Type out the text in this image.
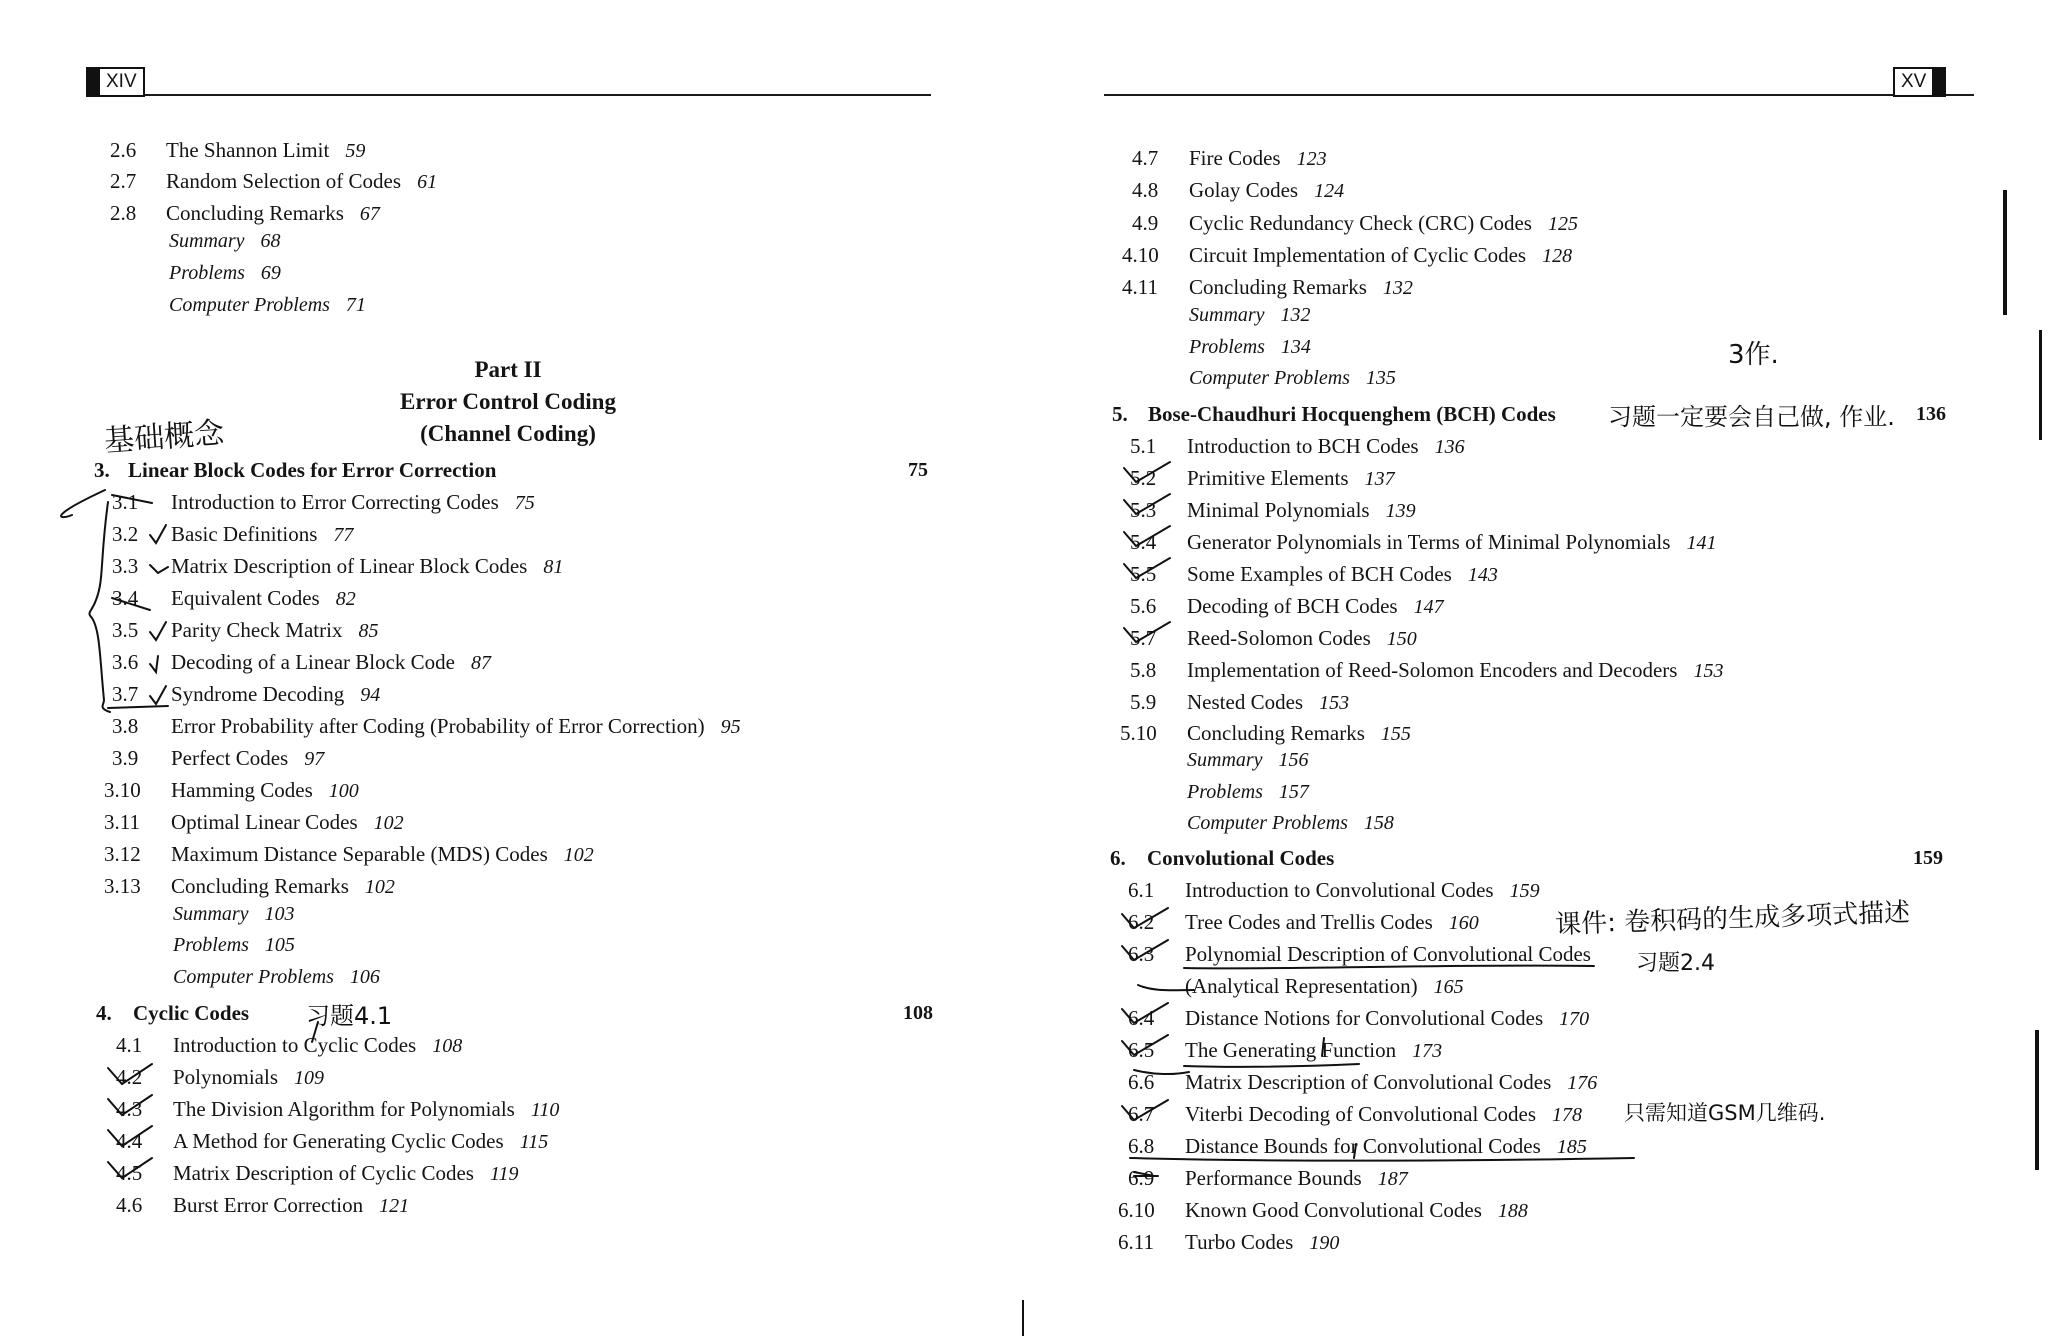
XIV
2.6 The Shannon Limit 59
2.7 Random Selection of Codes 61
2.8 Concluding Remarks 67
Summary 68
Problems 69
Computer Problems 71
Part II
Error Control Coding
(Channel Coding)
3. Linear Block Codes for Error Correction	75
3.1 Introduction to Error Correcting Codes 75
3.2 Basic Definitions 77
3.3 Matrix Description of Linear Block Codes 81
3.4 Equivalent Codes 82
3.5 Parity Check Matrix 85
3.6 Decoding of a Linear Block Code 87
3.7 Syndrome Decoding 94
3.8 Error Probability after Coding (Probability of Error Correction) 95
3.9 Perfect Codes 97
3.10 Hamming Codes 100
3.11 Optimal Linear Codes 102
3.12 Maximum Distance Separable (MDS) Codes 102
3.13 Concluding Remarks 102
Summary 103
Problems 105
Computer Problems 106
4. Cyclic Codes	108
4.1 Introduction to Cyclic Codes 108
4.2 Polynomials 109
4.3 The Division Algorithm for Polynomials 110
4.4 A Method for Generating Cyclic Codes 115
4.5 Matrix Description of Cyclic Codes 119
4.6 Burst Error Correction 121
基础概念
习题4.1
XV
4.7 Fire Codes 123
4.8 Golay Codes 124
4.9 Cyclic Redundancy Check (CRC) Codes 125
4.10 Circuit Implementation of Cyclic Codes 128
4.11 Concluding Remarks 132
Summary 132
Problems 134
Computer Problems 135
5. Bose-Chaudhuri Hocquenghem (BCH) Codes	136
5.1 Introduction to BCH Codes 136
5.2 Primitive Elements 137
5.3 Minimal Polynomials 139
5.4 Generator Polynomials in Terms of Minimal Polynomials 141
5.5 Some Examples of BCH Codes 143
5.6 Decoding of BCH Codes 147
5.7 Reed-Solomon Codes 150
5.8 Implementation of Reed-Solomon Encoders and Decoders 153
5.9 Nested Codes 153
5.10 Concluding Remarks 155
Summary 156
Problems 157
Computer Problems 158
6. Convolutional Codes	159
6.1 Introduction to Convolutional Codes 159
6.2 Tree Codes and Trellis Codes 160
6.3 Polynomial Description of Convolutional Codes
(Analytical Representation) 165
6.4 Distance Notions for Convolutional Codes 170
6.5 The Generating Function 173
6.6 Matrix Description of Convolutional Codes 176
6.7 Viterbi Decoding of Convolutional Codes 178
6.8 Distance Bounds for Convolutional Codes 185
6.9 Performance Bounds 187
6.10 Known Good Convolutional Codes 188
6.11 Turbo Codes 190
3作.
习题一定要会自己做, 作业.
课件: 卷积码的生成多项式描述
习题2.4
只需知道GSM几维码.
